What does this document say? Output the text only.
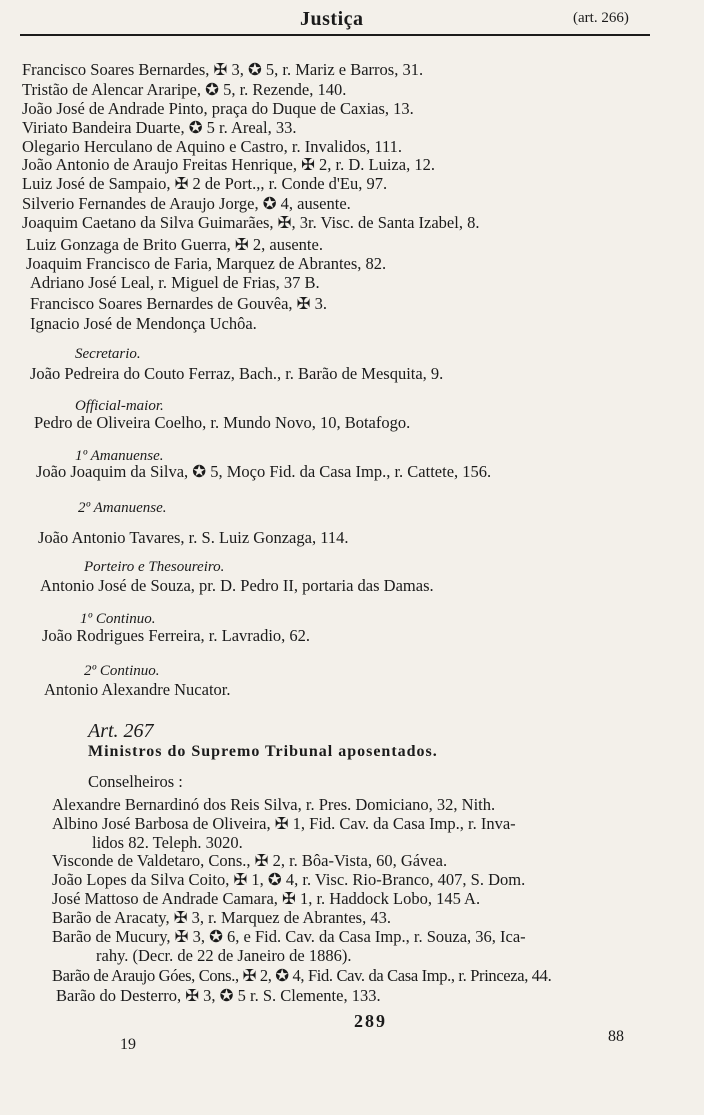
Justiça	(art. 266)
Francisco Soares Bernardes, ✠ 3, ✪ 5, r. Mariz e Barros, 31.
Tristão de Alencar Araripe, ✪ 5, r. Rezende, 140.
João José de Andrade Pinto, praça do Duque de Caxias, 13.
Viriato Bandeira Duarte, ✪ 5 r. Areal, 33.
Olegario Herculano de Aquino e Castro, r. Invalidos, 111.
João Antonio de Araujo Freitas Henrique, ✠ 2, r. D. Luiza, 12.
Luiz José de Sampaio, ✠ 2 de Port.,, r. Conde d'Eu, 97.
Silverio Fernandes de Araujo Jorge, ✪ 4, ausente.
Joaquim Caetano da Silva Guimarães, ✠, 3r. Visc. de Santa Izabel, 8.
Luiz Gonzaga de Brito Guerra, ✠ 2, ausente.
Joaquim Francisco de Faria, Marquez de Abrantes, 82.
Adriano José Leal, r. Miguel de Frias, 37 B.
Francisco Soares Bernardes de Gouvêa, ✠ 3.
Ignacio José de Mendonça Uchôa.
Secretario.
João Pedreira do Couto Ferraz, Bach., r. Barão de Mesquita, 9.
Official-maior.
Pedro de Oliveira Coelho, r. Mundo Novo, 10, Botafogo.
1º Amanuense.
João Joaquim da Silva, ✪ 5, Moço Fid. da Casa Imp., r. Cattete, 156.
2º Amanuense.
João Antonio Tavares, r. S. Luiz Gonzaga, 114.
Porteiro e Thesoureiro.
Antonio José de Souza, pr. D. Pedro II, portaria das Damas.
1º Continuo.
João Rodrigues Ferreira, r. Lavradio, 62.
2º Continuo.
Antonio Alexandre Nucator.
Art. 267
Ministros do Supremo Tribunal aposentados.
Conselheiros :
Alexandre Bernardinó dos Reis Silva, r. Pres. Domiciano, 32, Nith.
Albino José Barbosa de Oliveira, ✠ 1, Fid. Cav. da Casa Imp., r. Inva-
lidos 82. Teleph. 3020.
Visconde de Valdetaro, Cons., ✠ 2, r. Bôa-Vista, 60, Gávea.
João Lopes da Silva Coito, ✠ 1, ✪ 4, r. Visc. Rio-Branco, 407, S. Dom.
José Mattoso de Andrade Camara, ✠ 1, r. Haddock Lobo, 145 A.
Barão de Aracaty, ✠ 3, r. Marquez de Abrantes, 43.
Barão de Mucury, ✠ 3, ✪ 6, e Fid. Cav. da Casa Imp., r. Souza, 36, Ica-
rahy. (Decr. de 22 de Janeiro de 1886).
Barão de Araujo Góes, Cons., ✠ 2, ✪ 4, Fid. Cav. da Casa Imp., r. Princeza, 44.
Barão do Desterro, ✠ 3, ✪ 5 r. S. Clemente, 133.
289
19	88
